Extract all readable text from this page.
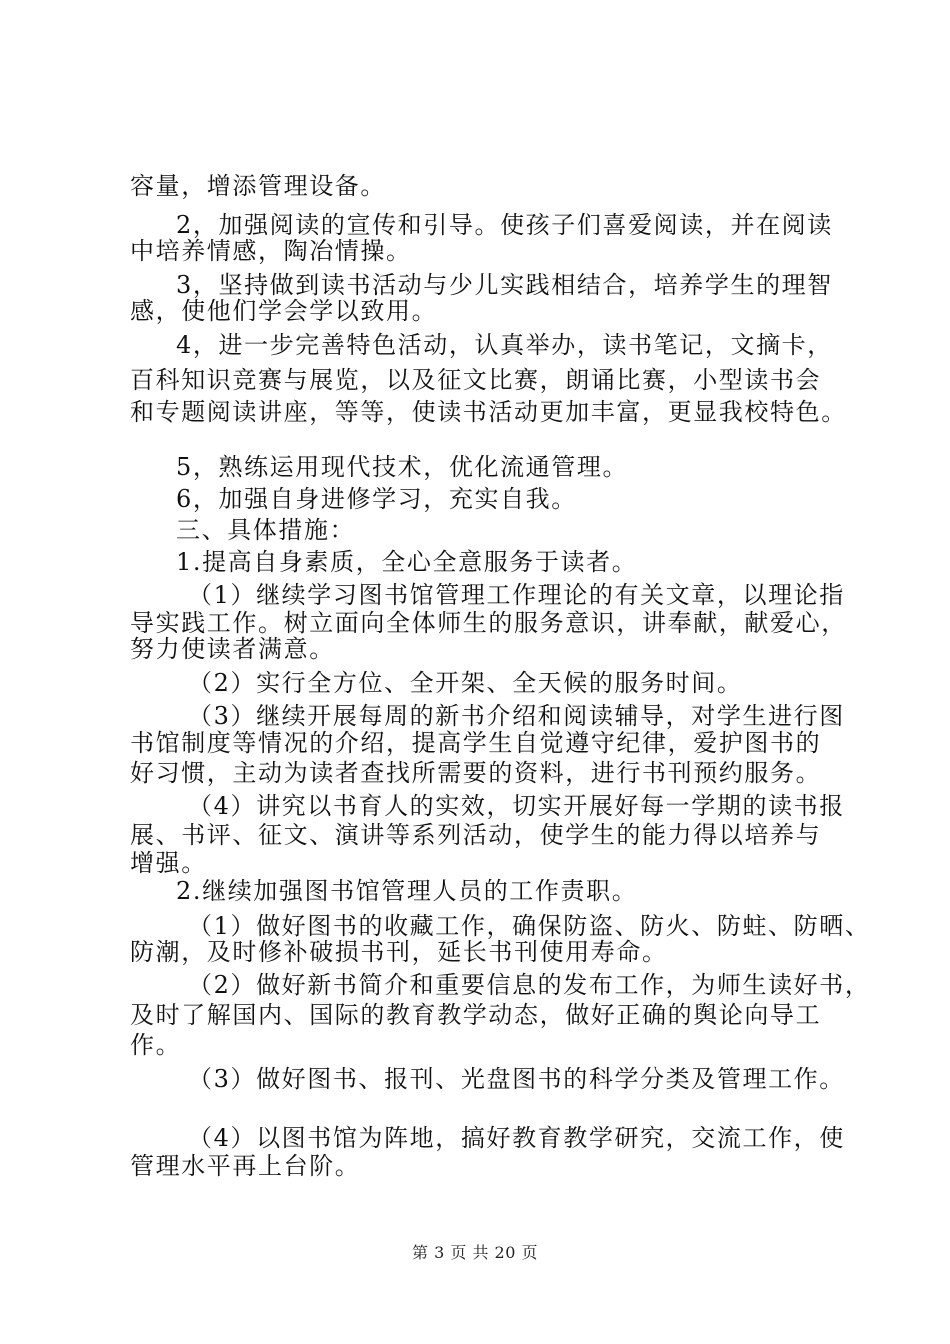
容量，增添管理设备。
2，加强阅读的宣传和引导。使孩子们喜爱阅读，并在阅读
中培养情感，陶冶情操。
3，坚持做到读书活动与少儿实践相结合，培养学生的理智
感，使他们学会学以致用。
4，进一步完善特色活动，认真举办，读书笔记，文摘卡，
百科知识竞赛与展览，以及征文比赛，朗诵比赛，小型读书会
和专题阅读讲座，等等，使读书活动更加丰富，更显我校特色。
5，熟练运用现代技术，优化流通管理。
6，加强自身进修学习，充实自我。
三、具体措施：
1.提高自身素质，全心全意服务于读者。
（1）继续学习图书馆管理工作理论的有关文章，以理论指
导实践工作。树立面向全体师生的服务意识，讲奉献，献爱心，
努力使读者满意。
（2）实行全方位、全开架、全天候的服务时间。
（3）继续开展每周的新书介绍和阅读辅导，对学生进行图
书馆制度等情况的介绍，提高学生自觉遵守纪律，爱护图书的
好习惯，主动为读者查找所需要的资料，进行书刊预约服务。
（4）讲究以书育人的实效，切实开展好每一学期的读书报
展、书评、征文、演讲等系列活动，使学生的能力得以培养与
增强。
2.继续加强图书馆管理人员的工作责职。
（1）做好图书的收藏工作，确保防盗、防火、防蛀、防晒、
防潮，及时修补破损书刊，延长书刊使用寿命。
（2）做好新书简介和重要信息的发布工作，为师生读好书，
及时了解国内、国际的教育教学动态，做好正确的舆论向导工
作。
（3）做好图书、报刊、光盘图书的科学分类及管理工作。
（4）以图书馆为阵地，搞好教育教学研究，交流工作，使
管理水平再上台阶。
第 3 页 共 20 页
